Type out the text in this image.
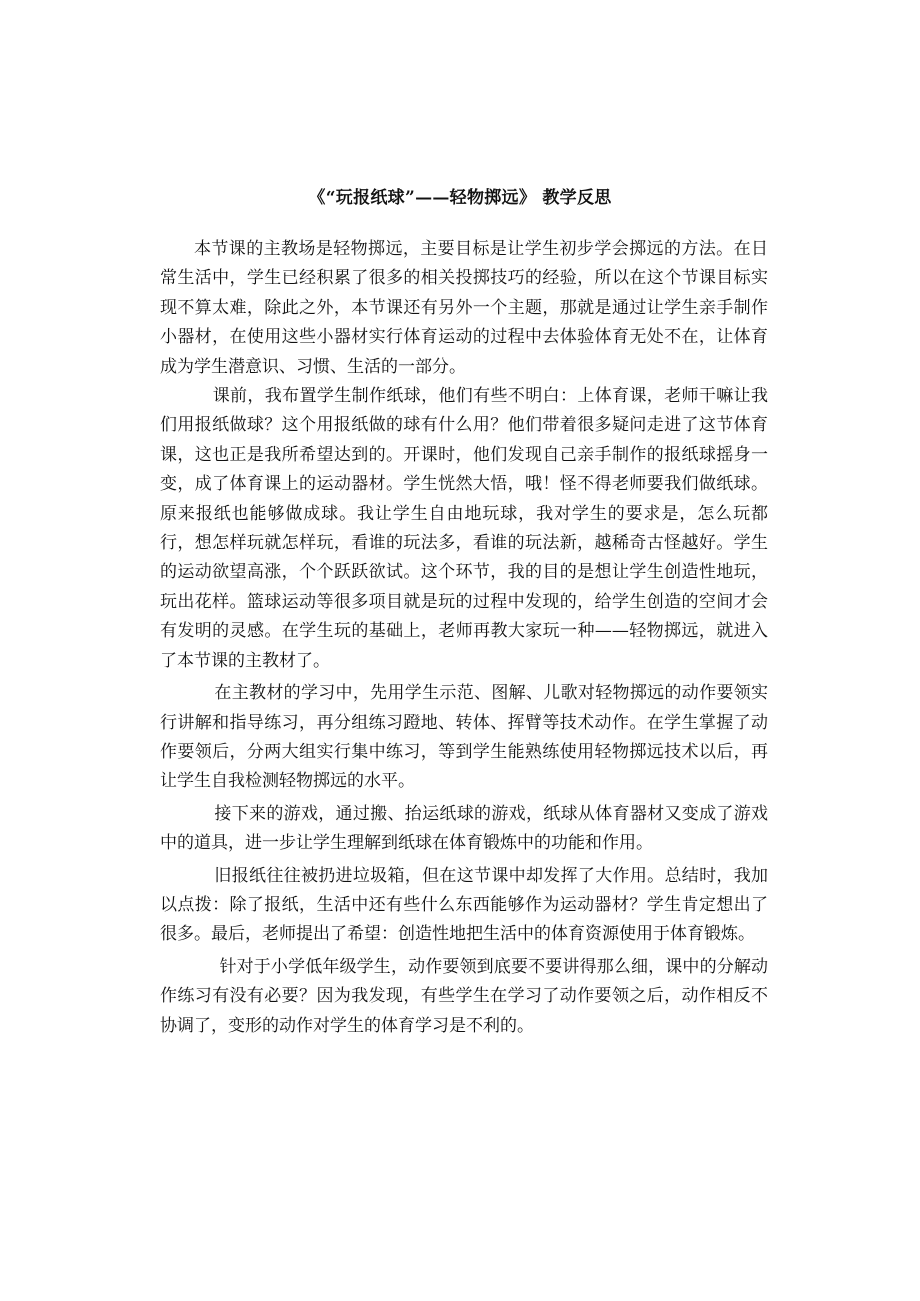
《“玩报纸球”——轻物掷远》 教学反思

本节课的主教场是轻物掷远，主要目标是让学生初步学会掷远的方法。在日常生活中，学生已经积累了很多的相关投掷技巧的经验，所以在这个节课目标实现不算太难，除此之外，本节课还有另外一个主题，那就是通过让学生亲手制作小器材，在使用这些小器材实行体育运动的过程中去体验体育无处不在，让体育成为学生潜意识、习惯、生活的一部分。

课前，我布置学生制作纸球，他们有些不明白：上体育课，老师干嘛让我们用报纸做球？这个用报纸做的球有什么用？他们带着很多疑问走进了这节体育课，这也正是我所希望达到的。开课时，他们发现自己亲手制作的报纸球摇身一变，成了体育课上的运动器材。学生恍然大悟，哦！怪不得老师要我们做纸球。原来报纸也能够做成球。我让学生自由地玩球，我对学生的要求是，怎么玩都行，想怎样玩就怎样玩，看谁的玩法多，看谁的玩法新，越稀奇古怪越好。学生的运动欲望高涨，个个跃跃欲试。这个环节，我的目的是想让学生创造性地玩，玩出花样。篮球运动等很多项目就是玩的过程中发现的，给学生创造的空间才会有发明的灵感。在学生玩的基础上，老师再教大家玩一种——轻物掷远，就进入了本节课的主教材了。

在主教材的学习中，先用学生示范、图解、儿歌对轻物掷远的动作要领实行讲解和指导练习，再分组练习蹬地、转体、挥臂等技术动作。在学生掌握了动作要领后，分两大组实行集中练习，等到学生能熟练使用轻物掷远技术以后，再让学生自我检测轻物掷远的水平。

接下来的游戏，通过搬、抬运纸球的游戏，纸球从体育器材又变成了游戏中的道具，进一步让学生理解到纸球在体育锻炼中的功能和作用。

旧报纸往往被扔进垃圾箱，但在这节课中却发挥了大作用。总结时，我加以点拨：除了报纸，生活中还有些什么东西能够作为运动器材？学生肯定想出了很多。最后，老师提出了希望：创造性地把生活中的体育资源使用于体育锻炼。

针对于小学低年级学生，动作要领到底要不要讲得那么细，课中的分解动作练习有没有必要？因为我发现，有些学生在学习了动作要领之后，动作相反不协调了，变形的动作对学生的体育学习是不利的。
